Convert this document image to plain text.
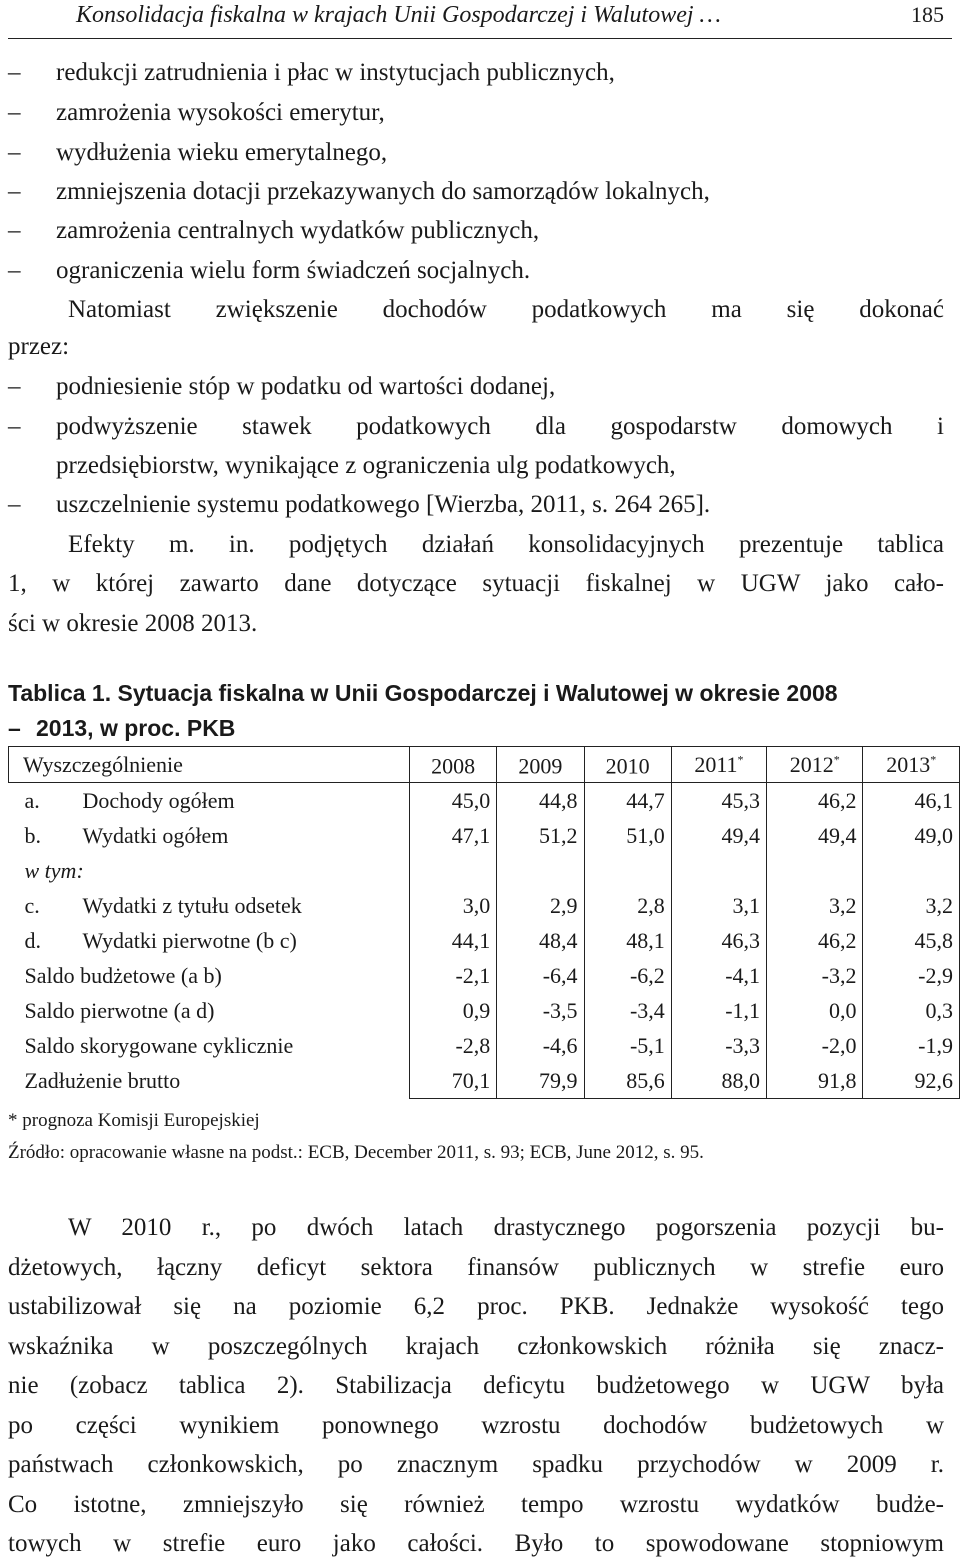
Konsolidacja fiskalna w krajach Unii Gospodarczej i Walutowej …	185
– redukcji zatrudnienia i płac w instytucjach publicznych,
– zamrożenia wysokości emerytur,
– wydłużenia wieku emerytalnego,
– zmniejszenia dotacji przekazywanych do samorządów lokalnych,
– zamrożenia centralnych wydatków publicznych,
– ograniczenia wielu form świadczeń socjalnych.
Natomiast zwiększenie dochodów podatkowych ma się dokonać
przez:
– podniesienie stóp w podatku od wartości dodanej,
– podwyższenie stawek podatkowych dla gospodarstw domowych i
przedsiębiorstw, wynikające z ograniczenia ulg podatkowych,
– uszczelnienie systemu podatkowego [Wierzba, 2011, s. 264 265].
Efekty m. in. podjętych działań konsolidacyjnych prezentuje tablica
1, w której zawarto dane dotyczące sytuacji fiskalnej w UGW jako cało-
ści w okresie 2008 2013.
Tablica 1. Sytuacja fiskalna w Unii Gospodarczej i Walutowej w okresie 2008
– 2013, w proc. PKB
Wyszczególnienie	2008	2009	2010	2011*	2012*	2013*
a. Dochody ogółem	45,0	44,8	44,7	45,3	46,2	46,1
b. Wydatki ogółem	47,1	51,2	51,0	49,4	49,4	49,0
w tym:						
c. Wydatki z tytułu odsetek	3,0	2,9	2,8	3,1	3,2	3,2
d. Wydatki pierwotne (b c)	44,1	48,4	48,1	46,3	46,2	45,8
Saldo budżetowe (a b)	-2,1	-6,4	-6,2	-4,1	-3,2	-2,9
Saldo pierwotne (a d)	0,9	-3,5	-3,4	-1,1	0,0	0,3
Saldo skorygowane cyklicznie	-2,8	-4,6	-5,1	-3,3	-2,0	-1,9
Zadłużenie brutto	70,1	79,9	85,6	88,0	91,8	92,6
* prognoza Komisji Europejskiej
Źródło: opracowanie własne na podst.: ECB, December 2011, s. 93; ECB, June 2012, s. 95.
W 2010 r., po dwóch latach drastycznego pogorszenia pozycji bu-
dżetowych, łączny deficyt sektora finansów publicznych w strefie euro
ustabilizował się na poziomie 6,2 proc. PKB. Jednakże wysokość tego
wskaźnika w poszczególnych krajach członkowskich różniła się znacz-
nie (zobacz tablica 2). Stabilizacja deficytu budżetowego w UGW była
po części wynikiem ponownego wzrostu dochodów budżetowych w
państwach członkowskich, po znacznym spadku przychodów w 2009 r.
Co istotne, zmniejszyło się również tempo wzrostu wydatków budże-
towych w strefie euro jako całości. Było to spowodowane stopniowym
